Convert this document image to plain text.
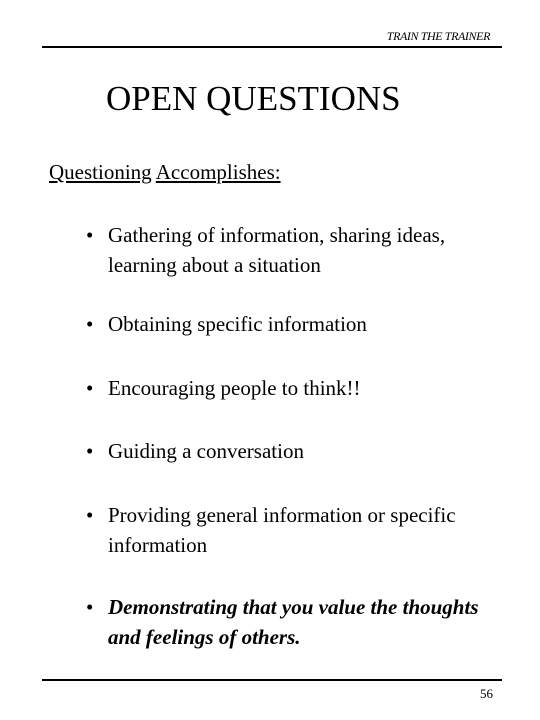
TRAIN THE TRAINER
OPEN QUESTIONS
Questioning Accomplishes:
• Gathering of information, sharing ideas, learning about a situation
• Obtaining specific information
• Encouraging people to think!!
• Guiding a conversation
• Providing general information or specific information
• Demonstrating that you value the thoughts and feelings of others.
56
